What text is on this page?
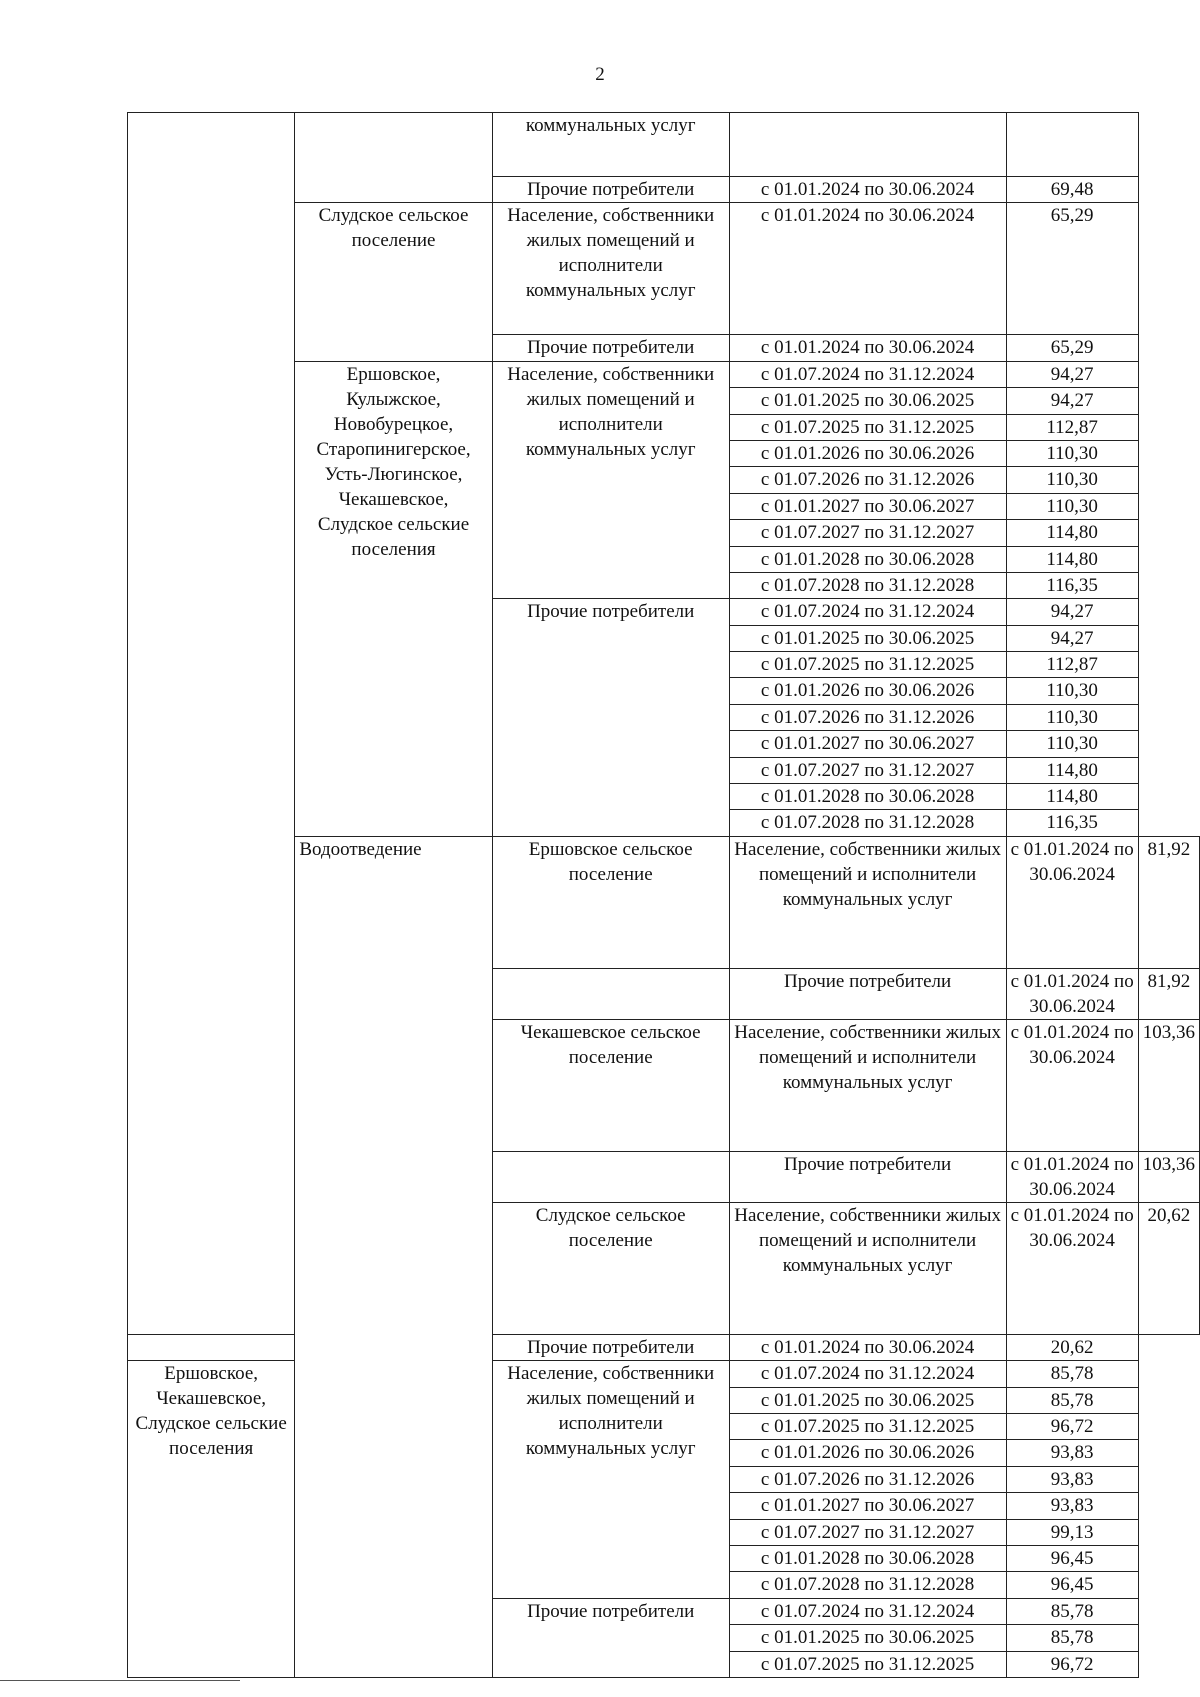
2
		коммунальных услуг			
		Прочие потребители	с 01.01.2024 по 30.06.2024	69,48	
	Слудское сельское поселение	Население, собственники жилых помещений и исполнители коммунальных услуг	с 01.01.2024 по 30.06.2024	65,29	
		Прочие потребители	с 01.01.2024 по 30.06.2024	65,29	
	Ершовское, Кулыжское, Новобурецкое, Старопинигерское, Усть-Люгинское, Чекашевское, Слудское сельские поселения	Население, собственники жилых помещений и исполнители коммунальных услуг	с 01.07.2024 по 31.12.2024	94,27	
			с 01.01.2025 по 30.06.2025	94,27	
			с 01.07.2025 по 31.12.2025	112,87	
			с 01.01.2026 по 30.06.2026	110,30	
			с 01.07.2026 по 31.12.2026	110,30	
			с 01.01.2027 по 30.06.2027	110,30	
			с 01.07.2027 по 31.12.2027	114,80	
			с 01.01.2028 по 30.06.2028	114,80	
			с 01.07.2028 по 31.12.2028	116,35	
		Прочие потребители	с 01.07.2024 по 31.12.2024	94,27	
			с 01.01.2025 по 30.06.2025	94,27	
			с 01.07.2025 по 31.12.2025	112,87	
			с 01.01.2026 по 30.06.2026	110,30	
			с 01.07.2026 по 31.12.2026	110,30	
			с 01.01.2027 по 30.06.2027	110,30	
			с 01.07.2027 по 31.12.2027	114,80	
			с 01.01.2028 по 30.06.2028	114,80	
			с 01.07.2028 по 31.12.2028	116,35	
	Водоотведение	Ершовское сельское поселение	Население, собственники жилых помещений и исполнители коммунальных услуг	с 01.01.2024 по 30.06.2024	81,92
			Прочие потребители	с 01.01.2024 по 30.06.2024	81,92
		Чекашевское сельское поселение	Население, собственники жилых помещений и исполнители коммунальных услуг	с 01.01.2024 по 30.06.2024	103,36
			Прочие потребители	с 01.01.2024 по 30.06.2024	103,36
		Слудское сельское поселение	Население, собственники жилых помещений и исполнители коммунальных услуг	с 01.01.2024 по 30.06.2024	20,62
		Прочие потребители	с 01.01.2024 по 30.06.2024	20,62	
Ершовское, Чекашевское, Слудское сельские поселения		Население, собственники жилых помещений и исполнители коммунальных услуг	с 01.07.2024 по 31.12.2024	85,78	
			с 01.01.2025 по 30.06.2025	85,78	
			с 01.07.2025 по 31.12.2025	96,72	
			с 01.01.2026 по 30.06.2026	93,83	
			с 01.07.2026 по 31.12.2026	93,83	
			с 01.01.2027 по 30.06.2027	93,83	
			с 01.07.2027 по 31.12.2027	99,13	
			с 01.01.2028 по 30.06.2028	96,45	
			с 01.07.2028 по 31.12.2028	96,45	
		Прочие потребители	с 01.07.2024 по 31.12.2024	85,78	
			с 01.01.2025 по 30.06.2025	85,78	
			с 01.07.2025 по 31.12.2025	96,72	
